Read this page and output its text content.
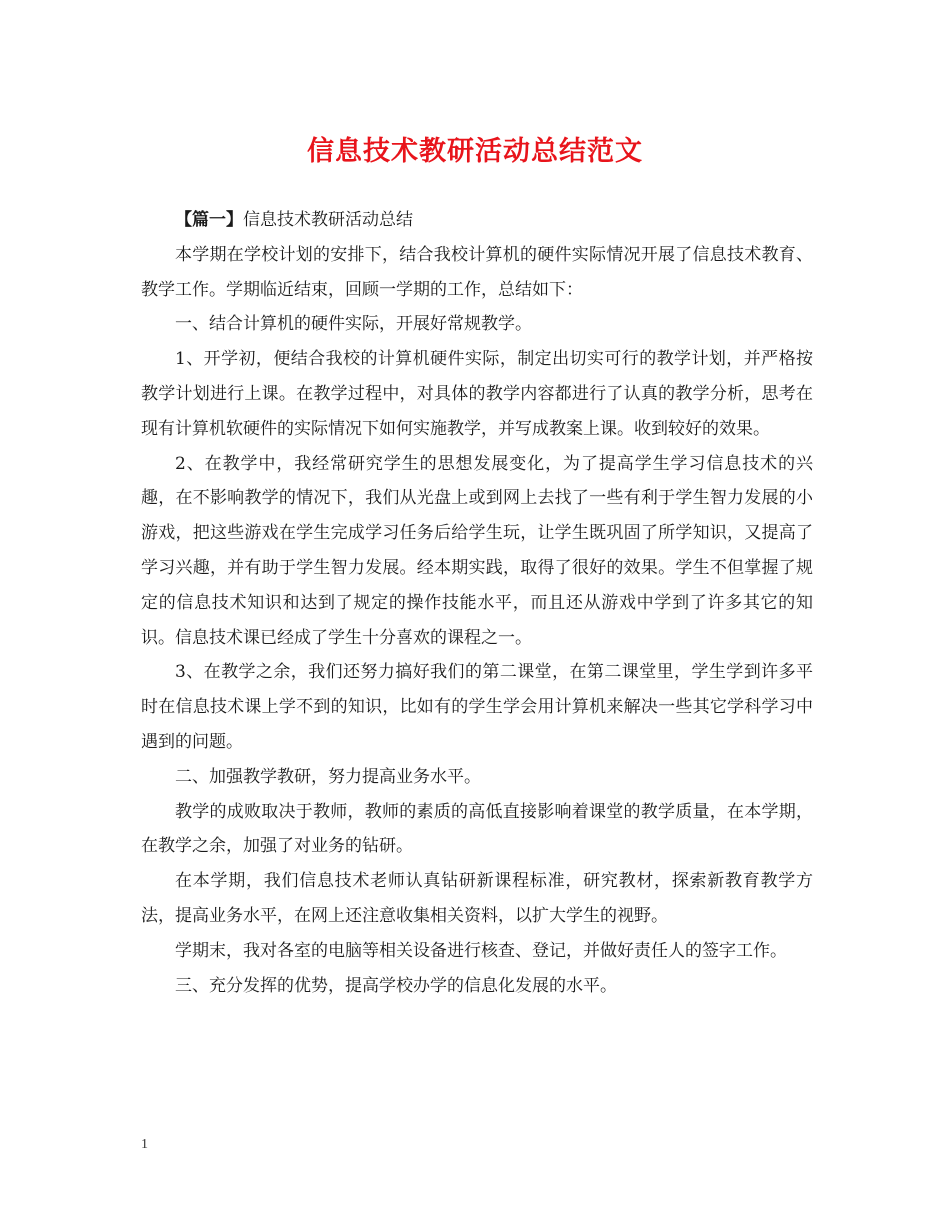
信息技术教研活动总结范文

【篇一】信息技术教研活动总结

本学期在学校计划的安排下，结合我校计算机的硬件实际情况开展了信息技术教育、教学工作。学期临近结束，回顾一学期的工作，总结如下：

一、结合计算机的硬件实际，开展好常规教学。

1、开学初，便结合我校的计算机硬件实际，制定出切实可行的教学计划，并严格按教学计划进行上课。在教学过程中，对具体的教学内容都进行了认真的教学分析，思考在现有计算机软硬件的实际情况下如何实施教学，并写成教案上课。收到较好的效果。

2、在教学中，我经常研究学生的思想发展变化，为了提高学生学习信息技术的兴趣，在不影响教学的情况下，我们从光盘上或到网上去找了一些有利于学生智力发展的小游戏，把这些游戏在学生完成学习任务后给学生玩，让学生既巩固了所学知识，又提高了学习兴趣，并有助于学生智力发展。经本期实践，取得了很好的效果。学生不但掌握了规定的信息技术知识和达到了规定的操作技能水平，而且还从游戏中学到了许多其它的知识。信息技术课已经成了学生十分喜欢的课程之一。

3、在教学之余，我们还努力搞好我们的第二课堂，在第二课堂里，学生学到许多平时在信息技术课上学不到的知识，比如有的学生学会用计算机来解决一些其它学科学习中遇到的问题。

二、加强教学教研，努力提高业务水平。

教学的成败取决于教师，教师的素质的高低直接影响着课堂的教学质量，在本学期，在教学之余，加强了对业务的钻研。

在本学期，我们信息技术老师认真钻研新课程标准，研究教材，探索新教育教学方法，提高业务水平，在网上还注意收集相关资料，以扩大学生的视野。

学期末，我对各室的电脑等相关设备进行核查、登记，并做好责任人的签字工作。

三、充分发挥的优势，提高学校办学的信息化发展的水平。

1
